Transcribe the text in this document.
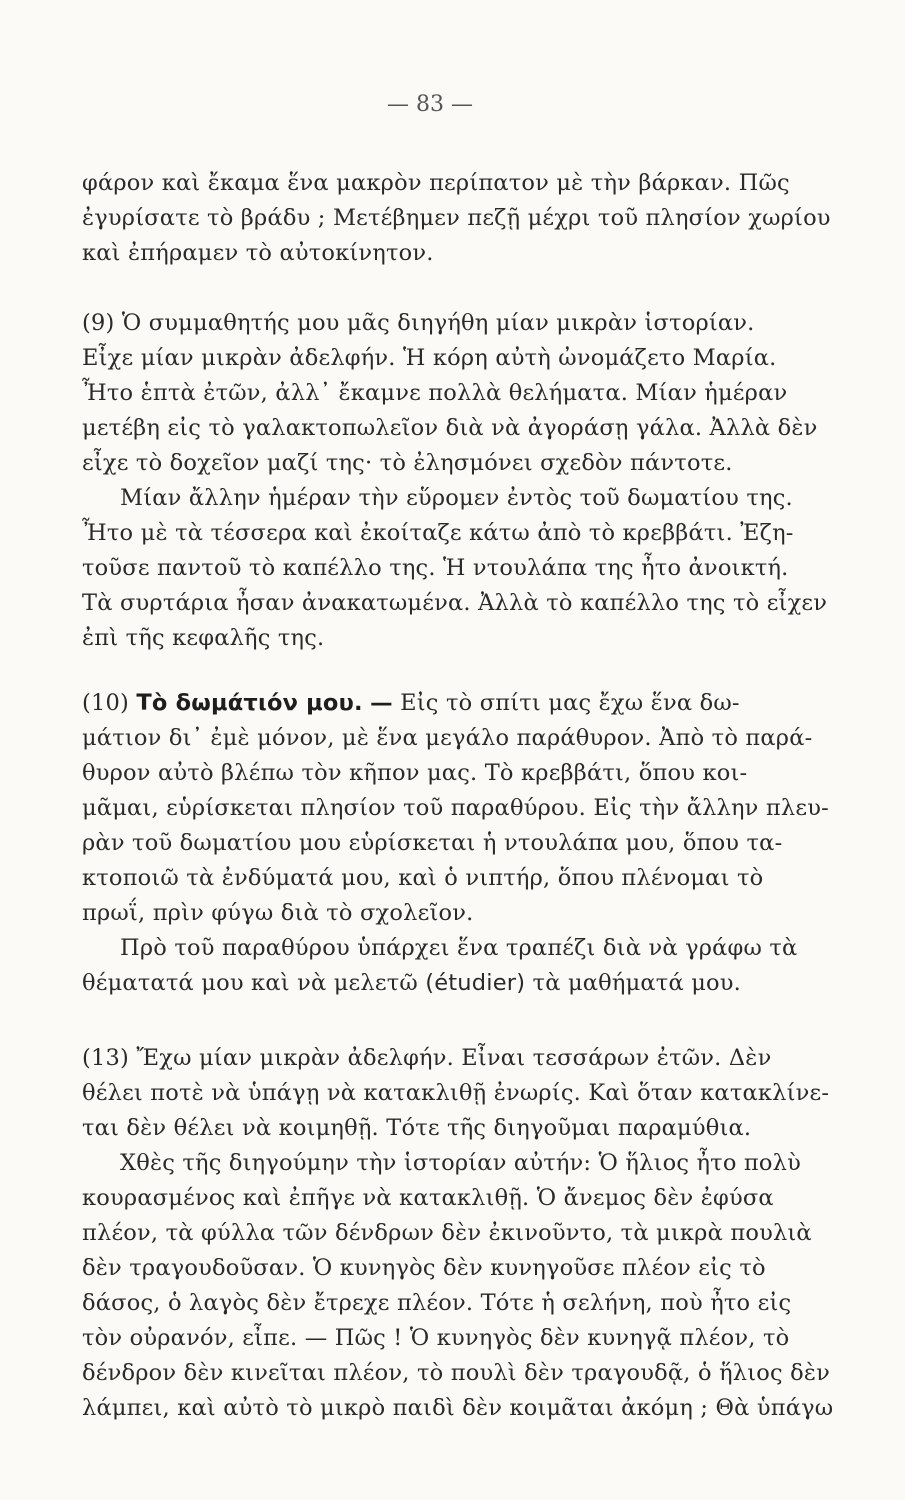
— 83 —
φάρον καὶ ἔκαμα ἕνα μακρὸν περίπατον μὲ τὴν βάρκαν. Πῶς
ἐγυρίσατε τὸ βράδυ ; Μετέβημεν πεζῇ μέχρι τοῦ πλησίον χωρίου
καὶ ἐπήραμεν τὸ αὐτοκίνητον.
(9) Ὁ συμμαθητής μου μᾶς διηγήθη μίαν μικρὰν ἱστορίαν.
Εἶχε μίαν μικρὰν ἀδελφήν. Ἡ κόρη αὐτὴ ὠνομάζετο Μαρία.
Ἦτο ἑπτὰ ἐτῶν, ἀλλ᾽ ἔκαμνε πολλὰ θελήματα. Μίαν ἡμέραν
μετέβη εἰς τὸ γαλακτοπωλεῖον διὰ νὰ ἀγοράσῃ γάλα. Ἀλλὰ δὲν
εἶχε τὸ δοχεῖον μαζί της· τὸ ἐλησμόνει σχεδὸν πάντοτε.
Μίαν ἄλλην ἡμέραν τὴν εὕρομεν ἐντὸς τοῦ δωματίου της.
Ἦτο μὲ τὰ τέσσερα καὶ ἐκοίταζε κάτω ἀπὸ τὸ κρεββάτι. Ἐζη-
τοῦσε παντοῦ τὸ καπέλλο της. Ἡ ντουλάπα της ἦτο ἀνοικτή.
Τὰ συρτάρια ἦσαν ἀνακατωμένα. Ἀλλὰ τὸ καπέλλο της τὸ εἶχεν
ἐπὶ τῆς κεφαλῆς της.
(10) Τὸ δωμάτιόν μου. — Εἰς τὸ σπίτι μας ἔχω ἕνα δω-
μάτιον δι᾽ ἐμὲ μόνον, μὲ ἕνα μεγάλο παράθυρον. Ἀπὸ τὸ παρά-
θυρον αὐτὸ βλέπω τὸν κῆπον μας. Τὸ κρεββάτι, ὅπου κοι-
μᾶμαι, εὑρίσκεται πλησίον τοῦ παραθύρου. Εἰς τὴν ἄλλην πλευ-
ρὰν τοῦ δωματίου μου εὑρίσκεται ἡ ντουλάπα μου, ὅπου τα-
κτοποιῶ τὰ ἐνδύματά μου, καὶ ὁ νιπτήρ, ὅπου πλένομαι τὸ
πρωΐ, πρὶν φύγω διὰ τὸ σχολεῖον.
Πρὸ τοῦ παραθύρου ὑπάρχει ἕνα τραπέζι διὰ νὰ γράφω τὰ
θέματατά μου καὶ νὰ μελετῶ (étudier) τὰ μαθήματά μου.
(13) Ἔχω μίαν μικρὰν ἀδελφήν. Εἶναι τεσσάρων ἐτῶν. Δὲν
θέλει ποτὲ νὰ ὑπάγῃ νὰ κατακλιθῇ ἐνωρίς. Καὶ ὅταν κατακλίνε-
ται δὲν θέλει νὰ κοιμηθῇ. Τότε τῆς διηγοῦμαι παραμύθια.
Χθὲς τῆς διηγούμην τὴν ἱστορίαν αὐτήν: Ὁ ἥλιος ἦτο πολὺ
κουρασμένος καὶ ἐπῆγε νὰ κατακλιθῇ. Ὁ ἄνεμος δὲν ἐφύσα
πλέον, τὰ φύλλα τῶν δένδρων δὲν ἐκινοῦντο, τὰ μικρὰ πουλιὰ
δὲν τραγουδοῦσαν. Ὁ κυνηγὸς δὲν κυνηγοῦσε πλέον εἰς τὸ
δάσος, ὁ λαγὸς δὲν ἔτρεχε πλέον. Τότε ἡ σελήνη, ποὺ ἦτο εἰς
τὸν οὐρανόν, εἶπε. — Πῶς ! Ὁ κυνηγὸς δὲν κυνηγᾷ πλέον, τὸ
δένδρον δὲν κινεῖται πλέον, τὸ πουλὶ δὲν τραγουδᾷ, ὁ ἥλιος δὲν
λάμπει, καὶ αὐτὸ τὸ μικρὸ παιδὶ δὲν κοιμᾶται ἀκόμη ; Θὰ ὑπάγω
